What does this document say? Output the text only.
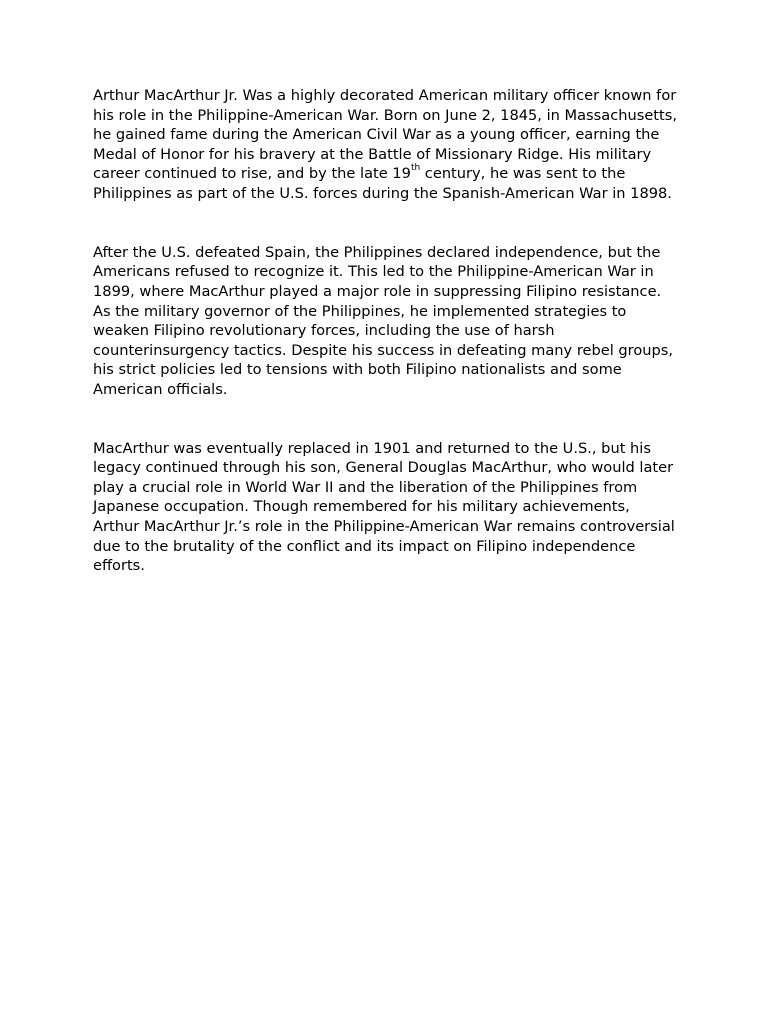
Arthur MacArthur Jr. Was a highly decorated American military officer known for his role in the Philippine-American War. Born on June 2, 1845, in Massachusetts, he gained fame during the American Civil War as a young officer, earning the Medal of Honor for his bravery at the Battle of Missionary Ridge. His military career continued to rise, and by the late 19th century, he was sent to the Philippines as part of the U.S. forces during the Spanish-American War in 1898.

After the U.S. defeated Spain, the Philippines declared independence, but the Americans refused to recognize it. This led to the Philippine-American War in 1899, where MacArthur played a major role in suppressing Filipino resistance. As the military governor of the Philippines, he implemented strategies to weaken Filipino revolutionary forces, including the use of harsh counterinsurgency tactics. Despite his success in defeating many rebel groups, his strict policies led to tensions with both Filipino nationalists and some American officials.

MacArthur was eventually replaced in 1901 and returned to the U.S., but his legacy continued through his son, General Douglas MacArthur, who would later play a crucial role in World War II and the liberation of the Philippines from Japanese occupation. Though remembered for his military achievements, Arthur MacArthur Jr.’s role in the Philippine-American War remains controversial due to the brutality of the conflict and its impact on Filipino independence efforts.
